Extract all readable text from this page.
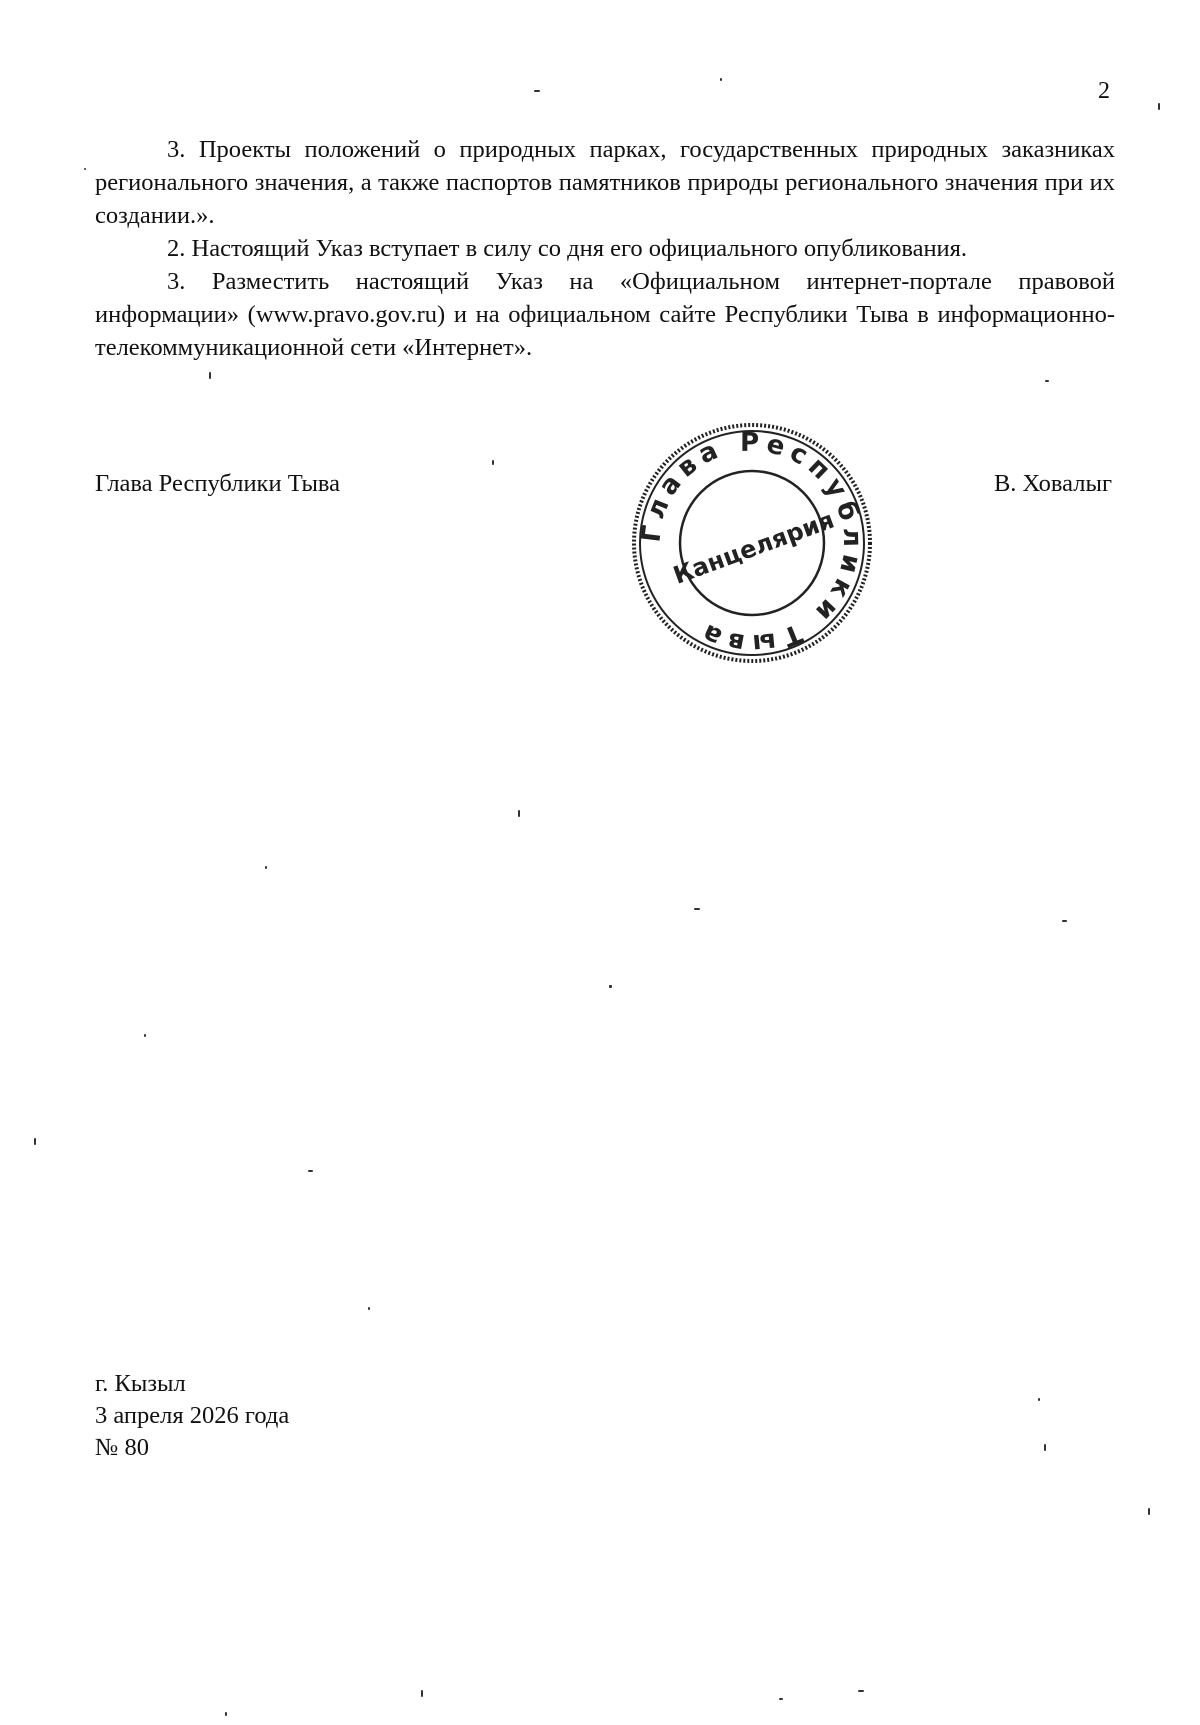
2

3. Проекты положений о природных парках, государственных природных заказниках регионального значения, а также паспортов памятников природы регионального значения при их создании.».

2. Настоящий Указ вступает в силу со дня его официального опубликования.

3. Разместить настоящий Указ на «Официальном интернет-портале правовой информации» (www.pravo.gov.ru) и на официальном сайте Республики Тыва в информационно-телекоммуникационной сети «Интернет».

Глава Республики Тыва	В. Ховалыг
Глава Республики Тыва
Канцелярия
г. Кызыл
3 апреля 2026 года
№ 80
